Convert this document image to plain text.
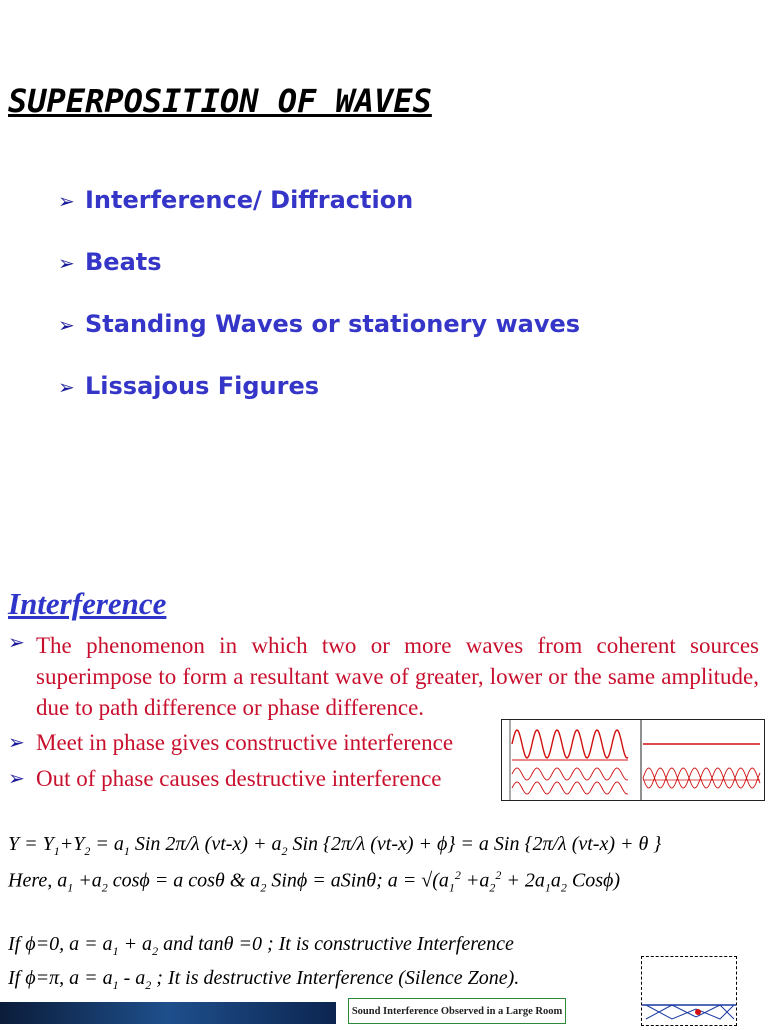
SUPERPOSITION OF WAVES
➢ Interference/ Diffraction
➢ Beats
➢ Standing Waves or stationery waves
➢ Lissajous Figures
Interference
➢ The phenomenon in which two or more waves from coherent sources superimpose to form a resultant wave of greater, lower or the same amplitude, due to path difference or phase difference.
➢ Meet in phase gives constructive interference
➢ Out of phase causes destructive interference
$Y = Y_1+Y_2 = a_1$ Sin 2π/λ $(vt-x) + a_2$ Sin {2π/λ (vt-x) + ϕ} = a Sin {2π/λ (vt-x) + θ }
Here, $a_1 +a_2$ cosϕ = a cosθ & $a_2$ Sinϕ = aSinθ; $a = √(a_1^2 +a_2^2 + 2a_1a_2$ Cosϕ)
If ϕ=0, $a = a_1 + a_2$ and tanθ =0 ; It is constructive Interference
If ϕ=π, $a = a_1 - a_2$ ; It is destructive Interference (Silence Zone).
Sound Interference Observed in a Large Room
